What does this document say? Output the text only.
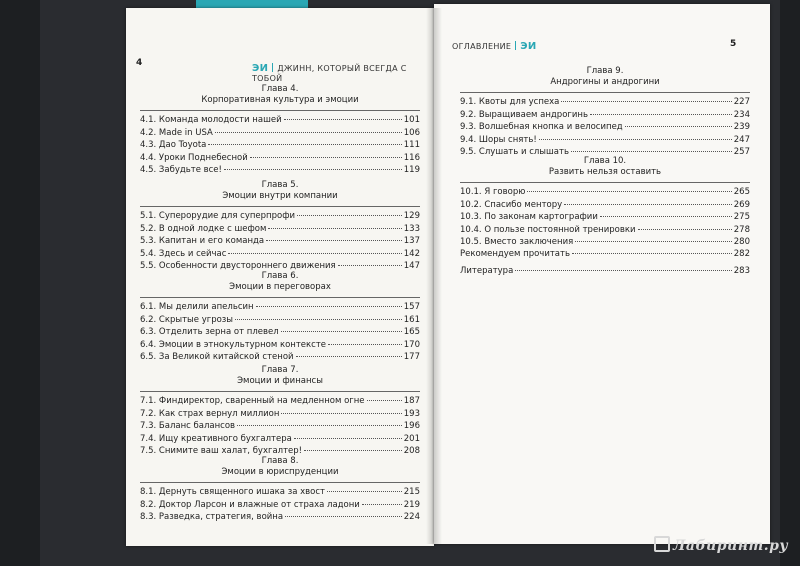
4	ЭИ ДЖИНН, КОТОРЫЙ ВСЕГДА С ТОБОЙ

Глава 4.

Корпоративная культура и эмоции

4.1. Команда молодости нашей	101
4.2. Made in USA	106
4.3. Дао Toyota	111
4.4. Уроки Поднебесной	116
4.5. Забудьте все!	119

Глава 5.

Эмоции внутри компании

5.1. Суперорудие для суперпрофи	129
5.2. В одной лодке с шефом	133
5.3. Капитан и его команда	137
5.4. Здесь и сейчас	142
5.5. Особенности двустороннего движения	147

Глава 6.

Эмоции в переговорах

6.1. Мы делили апельсин	157
6.2. Скрытые угрозы	161
6.3. Отделить зерна от плевел	165
6.4. Эмоции в этнокультурном контексте	170
6.5. За Великой китайской стеной	177

Глава 7.

Эмоции и финансы

7.1. Финдиректор, сваренный на медленном огне	187
7.2. Как страх вернул миллион	193
7.3. Баланс балансов	196
7.4. Ищу креативного бухгалтера	201
7.5. Снимите ваш халат, бухгалтер!	208

Глава 8.

Эмоции в юриспруденции

8.1. Дернуть священного ишака за хвост	215
8.2. Доктор Ларсон и влажные от страха ладони	219
8.3. Разведка, стратегия, война	224
ОГЛАВЛЕНИЕ ЭИ	5

Глава 9.

Андрогины и андрогини

9.1. Квоты для успеха	227
9.2. Выращиваем андрогинь	234
9.3. Волшебная кнопка и велосипед	239
9.4. Шоры снять!	247
9.5. Слушать и слышать	257

Глава 10.

Развить нельзя оставить

10.1. Я говорю	265
10.2. Спасибо ментору	269
10.3. По законам картографии	275
10.4. О пользе постоянной тренировки	278
10.5. Вместо заключения	280
Рекомендуем прочитать	282
Литература	283
Лабиринт.ру
